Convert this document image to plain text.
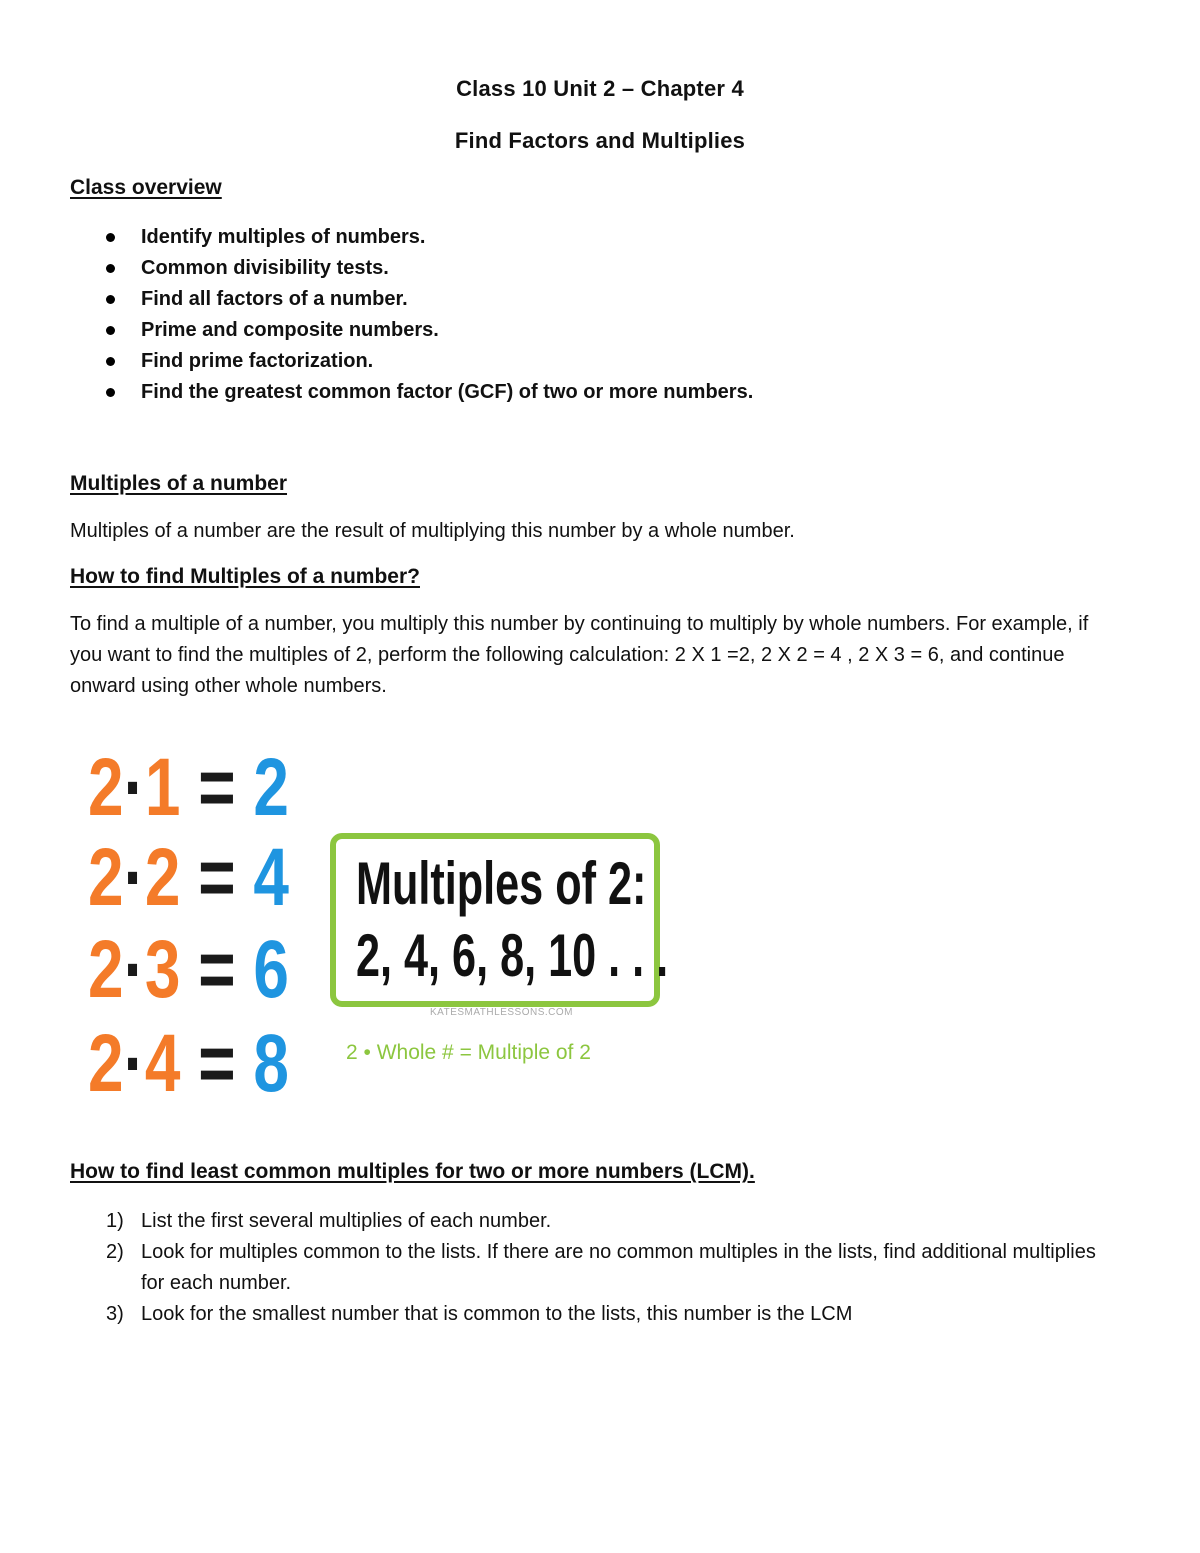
Class 10 Unit 2 – Chapter 4
Find Factors and Multiplies
Class overview
Identify multiples of numbers.
Common divisibility tests.
Find all factors of a number.
Prime and composite numbers.
Find prime factorization.
Find the greatest common factor (GCF) of two or more numbers.
Multiples of a number
Multiples of a number are the result of multiplying this number by a whole number.
How to find Multiples of a number?
To find a multiple of a number, you multiply this number by continuing to multiply by whole numbers. For example, if you want to find the multiples of 2, perform the following calculation: 2 X 1 =2, 2 X 2 = 4 , 2 X 3 = 6, and continue onward using other whole numbers.
How to find least common multiples for two or more numbers (LCM).
1) List the first several multiplies of each number.
2) Look for multiples common to the lists. If there are no common multiples in the lists, find additional multiplies for each number.
3) Look for the smallest number that is common to the lists, this number is the LCM
2·1 = 2
2·2 = 4
2·3 = 6
2·4 = 8
Multiples of 2:
2, 4, 6, 8, 10 . . .
KATESMATHLESSONS.COM
2 • Whole # = Multiple of 2
